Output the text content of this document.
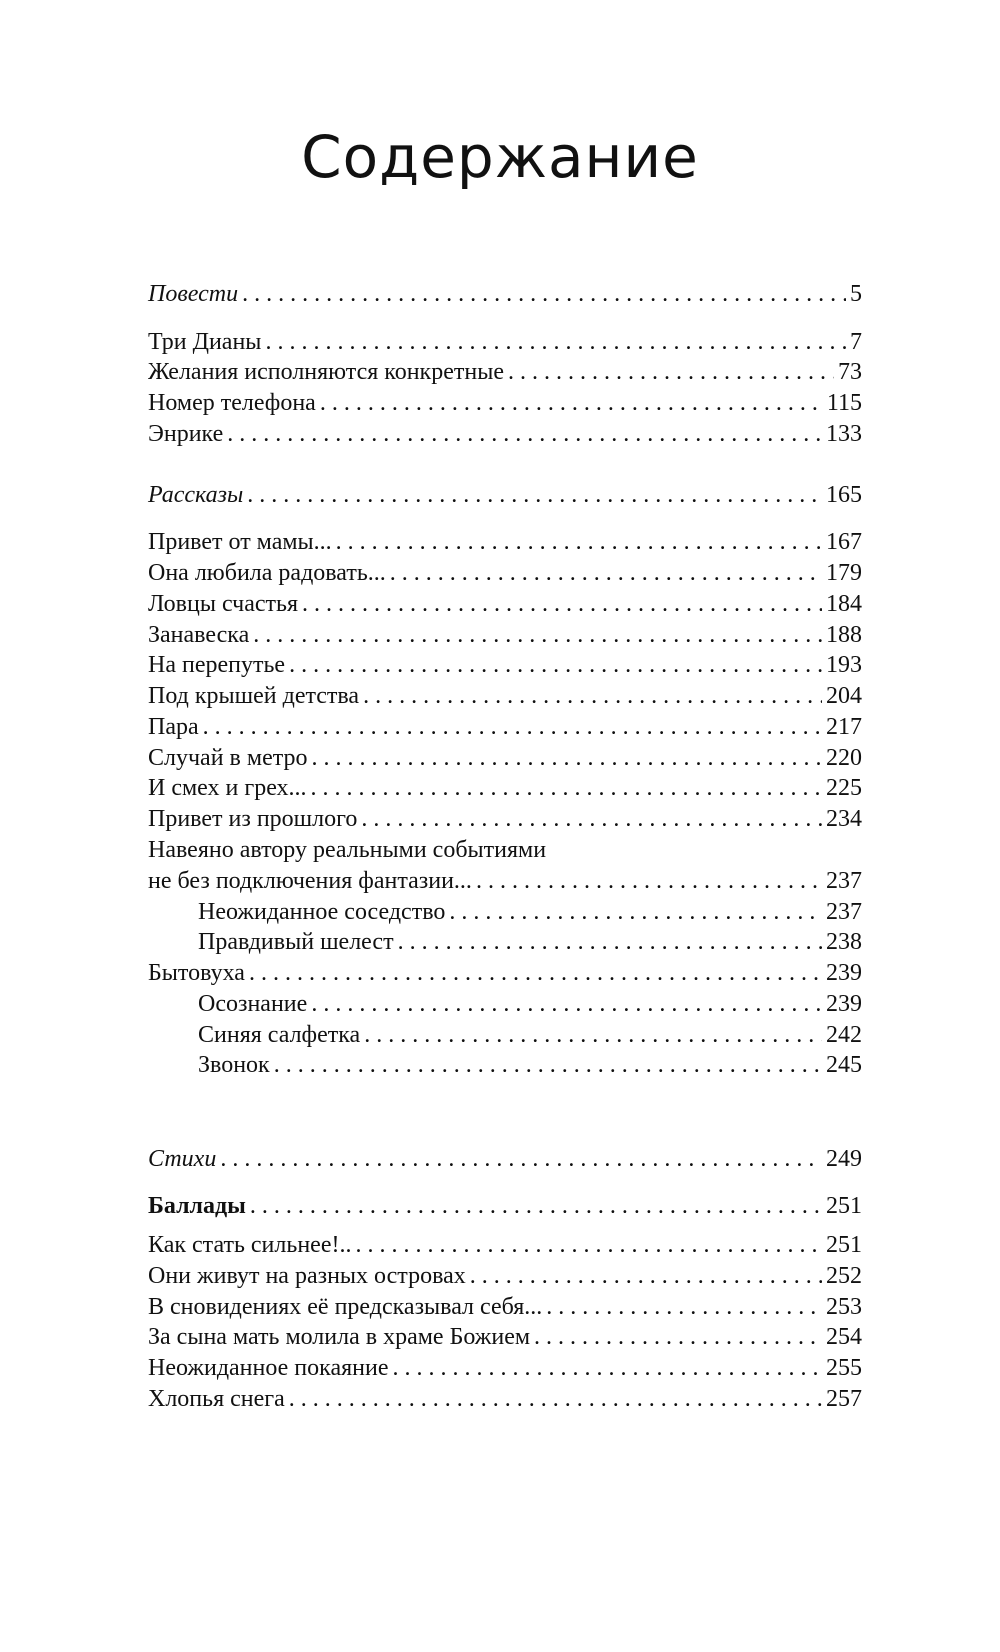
Содержание
Повести . . .	5
Три Дианы . . .	7
Желания исполняются конкретные . . .	73
Номер телефона . . .	115
Энрике . . .	133
Рассказы . . .	165
Привет от мамы... . . .	167
Она любила радовать... . . .	179
Ловцы счастья . . .	184
Занавеска . . .	188
На перепутье . . .	193
Под крышей детства . . .	204
Пара . . .	217
Случай в метро . . .	220
И смех и грех... . . .	225
Привет из прошлого . . .	234
Навеяно автору реальными событиями
не без подключения фантазии... . . .	237
Неожиданное соседство . . .	237
Правдивый шелест . . .	238
Бытовуха . . .	239
Осознание . . .	239
Синяя салфетка . . .	242
Звонок . . .	245
Стихи . . .	249
Баллады . . .	251
Как стать сильнее!.. . . .	251
Они живут на разных островах . . .	252
В сновидениях её предсказывал себя... . . .	253
За сына мать молила в храме Божием . . .	254
Неожиданное покаяние . . .	255
Хлопья снега . . .	257
